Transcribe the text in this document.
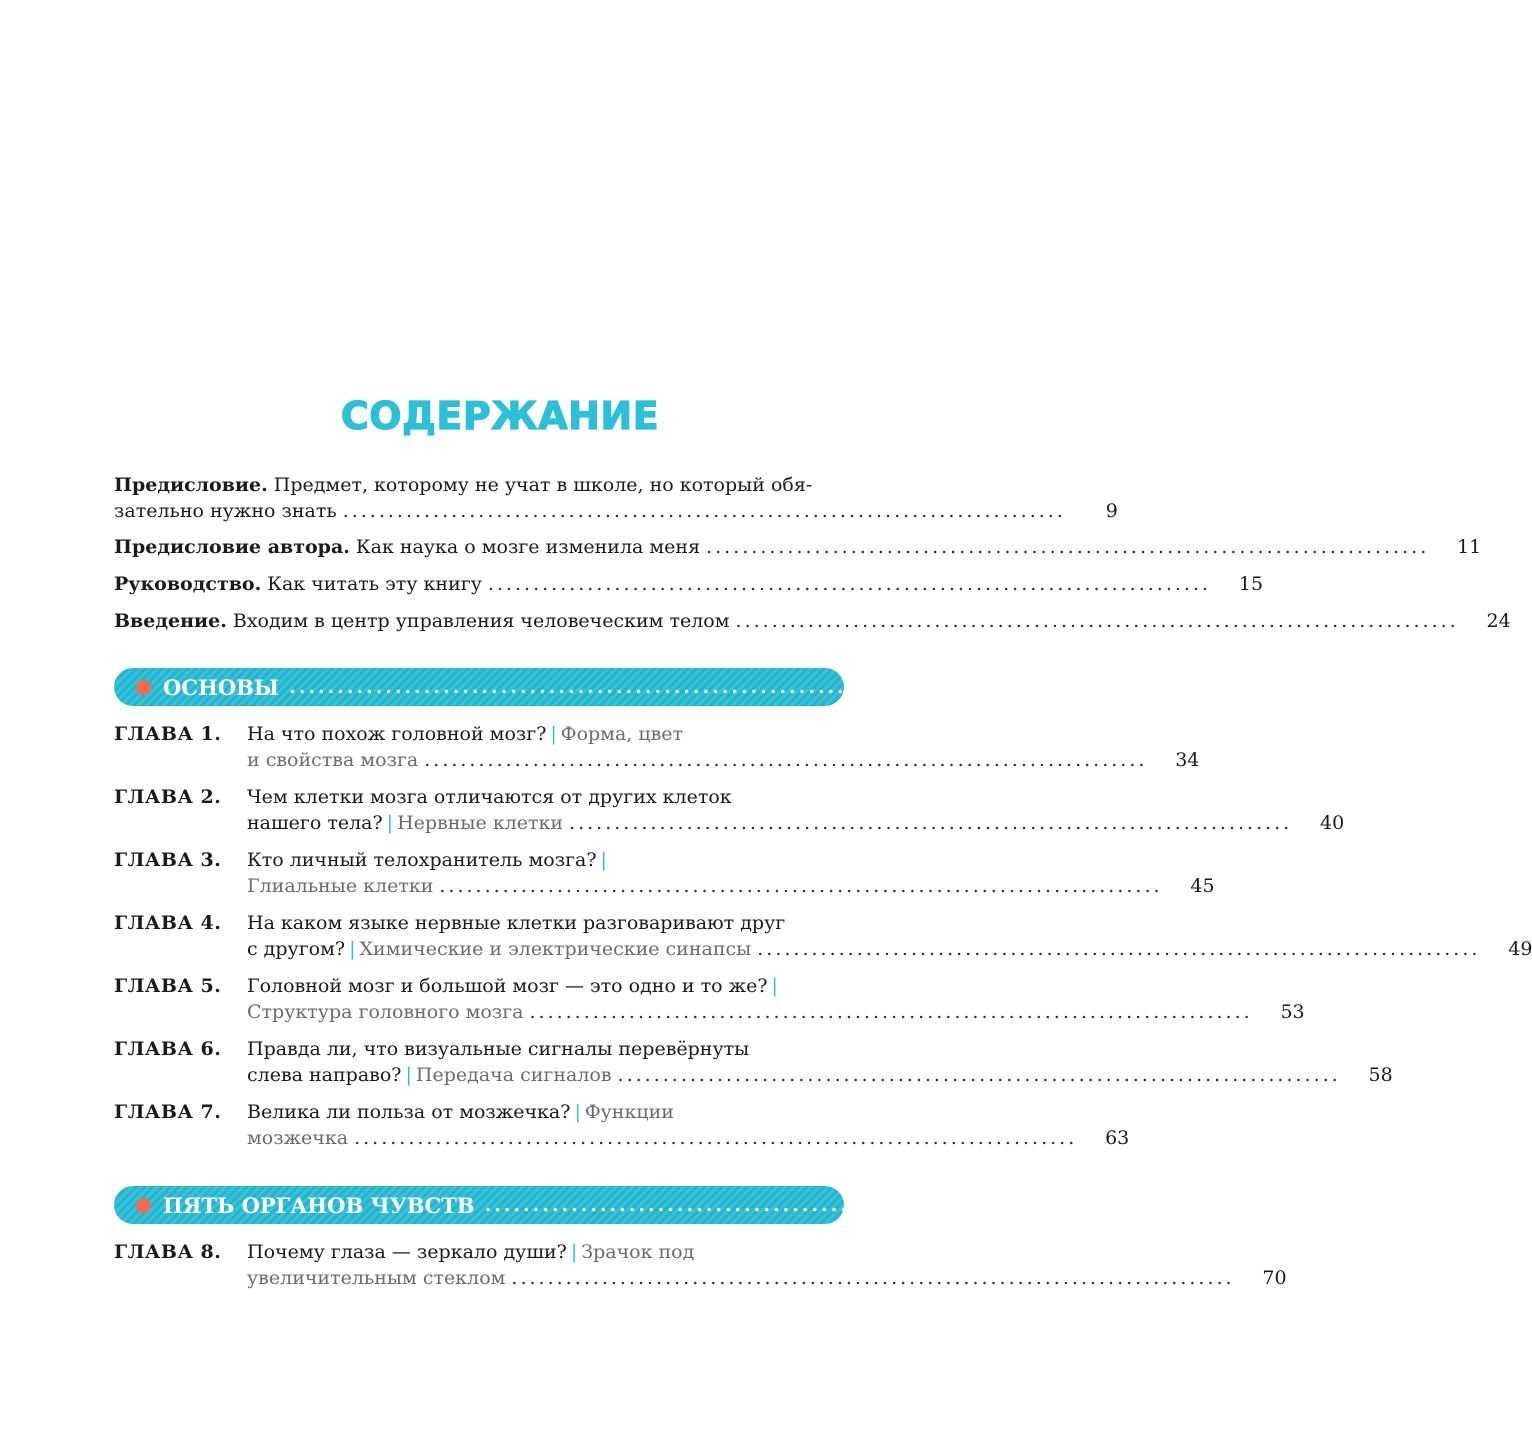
СОДЕРЖАНИЕ
Предисловие. Предмет, которому не учат в школе, но который обя-
зательно нужно знать ................................................................................	9
Предисловие автора. Как наука о мозге изменила меня ................................................................................	11
Руководство. Как читать эту книгу ................................................................................	15
Введение. Входим в центр управления человеческим телом ................................................................................	24
ОСНОВЫ ................................................................................ 33
ГЛАВА 1. На что похож головной мозг? | Форма, цвет
и свойства мозга ................................................................................	34
ГЛАВА 2. Чем клетки мозга отличаются от других клеток
нашего тела? | Нервные клетки ................................................................................	40
ГЛАВА 3. Кто личный телохранитель мозга? |
Глиальные клетки ................................................................................	45
ГЛАВА 4. На каком языке нервные клетки разговаривают друг
с другом? | Химические и электрические синапсы ................................................................................	49
ГЛАВА 5. Головной мозг и большой мозг — это одно и то же? |
Структура головного мозга ................................................................................	53
ГЛАВА 6. Правда ли, что визуальные сигналы перевёрнуты
слева направо? | Передача сигналов ................................................................................	58
ГЛАВА 7. Велика ли польза от мозжечка? | Функции
мозжечка ................................................................................	63
ПЯТЬ ОРГАНОВ ЧУВСТВ ................................................................................ 69
ГЛАВА 8. Почему глаза — зеркало души? | Зрачок под
увеличительным стеклом ................................................................................	70
